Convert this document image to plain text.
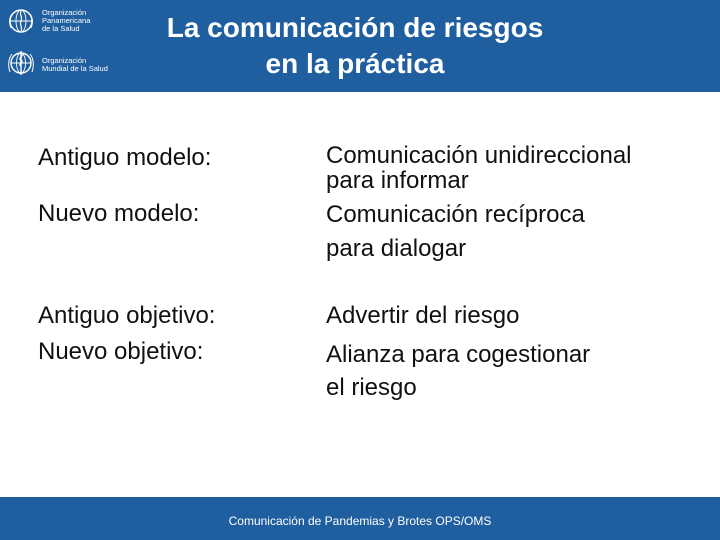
Organización
Panamericana
de la Salud
Organización
Mundial de la Salud
La comunicación de riesgos
en la práctica
Antiguo modelo:
Nuevo modelo:
Antiguo objetivo:
Nuevo objetivo:
Comunicación unidireccional
para informar
Comunicación recíproca
para dialogar
Advertir del riesgo
Alianza para cogestionar
el riesgo
Comunicación de Pandemias y Brotes OPS/OMS
